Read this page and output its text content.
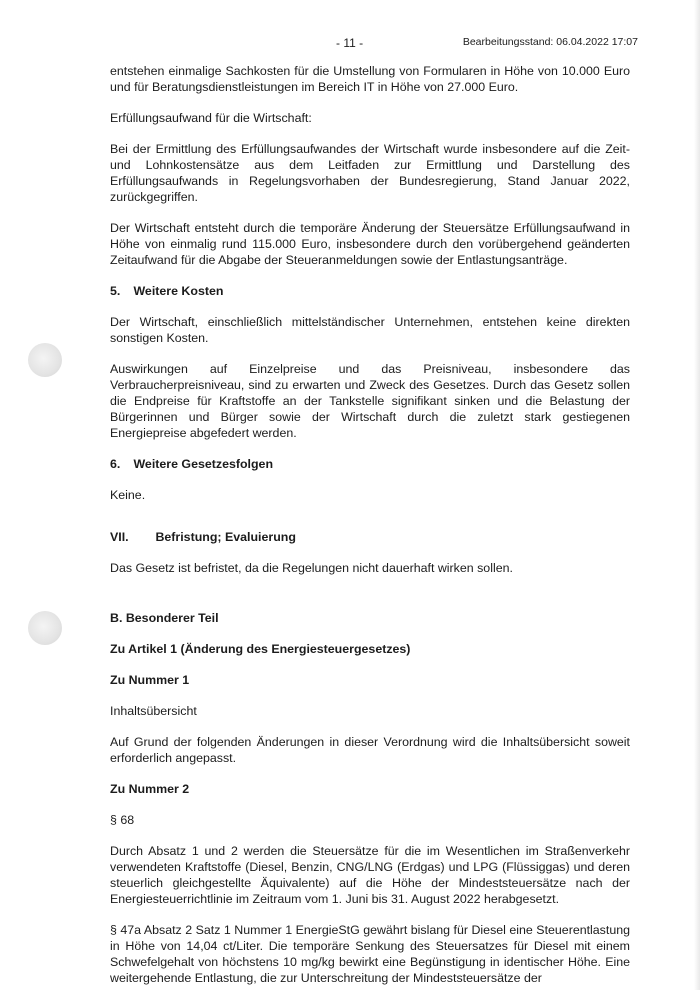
- 11 -	Bearbeitungsstand: 06.04.2022 17:07

entstehen einmalige Sachkosten für die Umstellung von Formularen in Höhe von 10.000 Euro und für Beratungsdienstleistungen im Bereich IT in Höhe von 27.000 Euro.

Erfüllungsaufwand für die Wirtschaft:

Bei der Ermittlung des Erfüllungsaufwandes der Wirtschaft wurde insbesondere auf die Zeit- und Lohnkostensätze aus dem Leitfaden zur Ermittlung und Darstellung des Erfüllungsaufwands in Regelungsvorhaben der Bundesregierung, Stand Januar 2022, zurückgegriffen.

Der Wirtschaft entsteht durch die temporäre Änderung der Steuersätze Erfüllungsaufwand in Höhe von einmalig rund 115.000 Euro, insbesondere durch den vorübergehend geänderten Zeitaufwand für die Abgabe der Steueranmeldungen sowie der Entlastungsanträge.

5. Weitere Kosten

Der Wirtschaft, einschließlich mittelständischer Unternehmen, entstehen keine direkten sonstigen Kosten.

Auswirkungen auf Einzelpreise und das Preisniveau, insbesondere das Verbraucherpreisniveau, sind zu erwarten und Zweck des Gesetzes. Durch das Gesetz sollen die Endpreise für Kraftstoffe an der Tankstelle signifikant sinken und die Belastung der Bürgerinnen und Bürger sowie der Wirtschaft durch die zuletzt stark gestiegenen Energiepreise abgefedert werden.

6. Weitere Gesetzesfolgen

Keine.

VII. Befristung; Evaluierung

Das Gesetz ist befristet, da die Regelungen nicht dauerhaft wirken sollen.

B. Besonderer Teil
Zu Artikel 1 (Änderung des Energiesteuergesetzes)
Zu Nummer 1

Inhaltsübersicht

Auf Grund der folgenden Änderungen in dieser Verordnung wird die Inhaltsübersicht soweit erforderlich angepasst.

Zu Nummer 2

§ 68

Durch Absatz 1 und 2 werden die Steuersätze für die im Wesentlichen im Straßenverkehr verwendeten Kraftstoffe (Diesel, Benzin, CNG/LNG (Erdgas) und LPG (Flüssiggas) und deren steuerlich gleichgestellte Äquivalente) auf die Höhe der Mindeststeuersätze nach der Energiesteuerrichtlinie im Zeitraum vom 1. Juni bis 31. August 2022 herabgesetzt.

§ 47a Absatz 2 Satz 1 Nummer 1 EnergieStG gewährt bislang für Diesel eine Steuerentlastung in Höhe von 14,04 ct/Liter. Die temporäre Senkung des Steuersatzes für Diesel mit einem Schwefelgehalt von höchstens 10 mg/kg bewirkt eine Begünstigung in identischer Höhe. Eine weitergehende Entlastung, die zur Unterschreitung der Mindeststeuersätze der
